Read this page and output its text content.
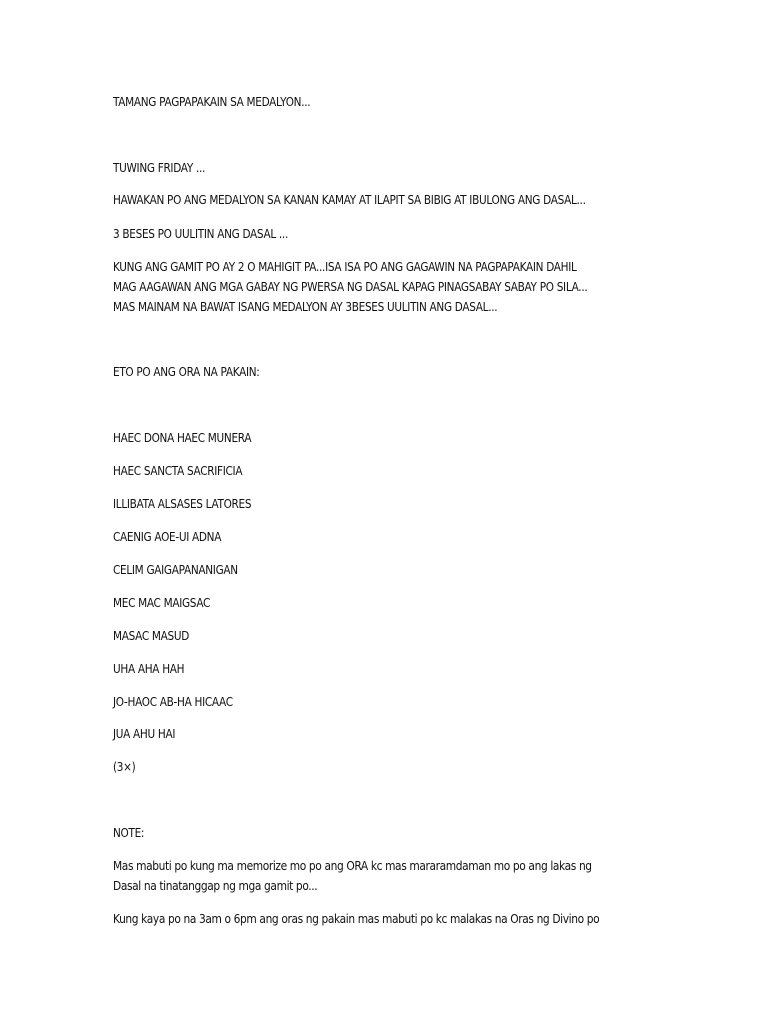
TAMANG PAGPAPAKAIN SA MEDALYON...

TUWING FRIDAY ...

HAWAKAN PO ANG MEDALYON SA KANAN KAMAY AT ILAPIT SA BIBIG AT IBULONG ANG DASAL...

3 BESES PO UULITIN ANG DASAL ...

KUNG ANG GAMIT PO AY 2 O MAHIGIT PA...ISA ISA PO ANG GAGAWIN NA PAGPAPAKAIN DAHIL

MAG AAGAWAN ANG MGA GABAY NG PWERSA NG DASAL KAPAG PINAGSABAY SABAY PO SILA...

MAS MAINAM NA BAWAT ISANG MEDALYON AY 3BESES UULITIN ANG DASAL...

ETO PO ANG ORA NA PAKAIN:

HAEC DONA HAEC MUNERA

HAEC SANCTA SACRIFICIA

ILLIBATA ALSASES LATORES

CAENIG AOE-UI ADNA

CELIM GAIGAPANANIGAN

MEC MAC MAIGSAC

MASAC MASUD

UHA AHA HAH

JO-HAOC AB-HA HICAAC

JUA AHU HAI

(3×)

NOTE:

Mas mabuti po kung ma memorize mo po ang ORA kc mas mararamdaman mo po ang lakas ng

Dasal na tinatanggap ng mga gamit po...

Kung kaya po na 3am o 6pm ang oras ng pakain mas mabuti po kc malakas na Oras ng Divino po
